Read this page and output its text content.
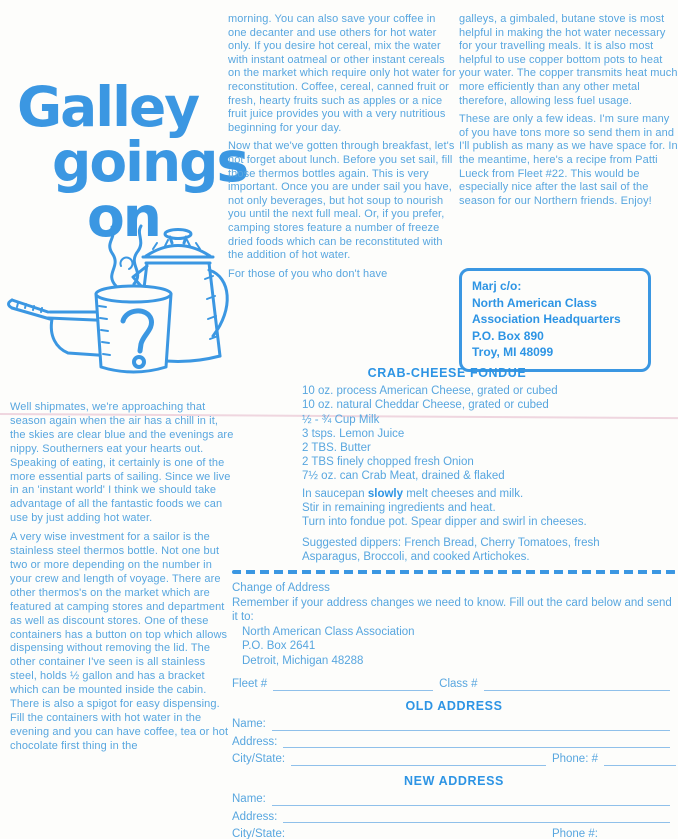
Galley
goings
on

Well shipmates, we're approaching that season again when the air has a chill in it, the skies are clear blue and the evenings are nippy. Southerners eat your hearts out. Speaking of eating, it certainly is one of the more essential parts of sailing. Since we live in an 'instant world' I think we should take advantage of all the fantastic foods we can use by just adding hot water.

A very wise investment for a sailor is the stainless steel thermos bottle. Not one but two or more depending on the number in your crew and length of voyage. There are other thermos's on the market which are featured at camping stores and department as well as discount stores. One of these containers has a button on top which allows dispensing without removing the lid. The other container I've seen is all stainless steel, holds ½ gallon and has a bracket which can be mounted inside the cabin. There is also a spigot for easy dispensing. Fill the containers with hot water in the evening and you can have coffee, tea or hot chocolate first thing in the

morning. You can also save your coffee in one decanter and use others for hot water only. If you desire hot cereal, mix the water with instant oatmeal or other instant cereals on the market which require only hot water for reconstitution. Coffee, cereal, canned fruit or fresh, hearty fruits such as apples or a nice fruit juice provides you with a very nutritious beginning for your day.

Now that we've gotten through breakfast, let's not forget about lunch. Before you set sail, fill those thermos bottles again. This is very important. Once you are under sail you have, not only beverages, but hot soup to nourish you until the next full meal. Or, if you prefer, camping stores feature a number of freeze dried foods which can be reconstituted with the addition of hot water.

For those of you who don't have

galleys, a gimbaled, butane stove is most helpful in making the hot water necessary for your travelling meals. It is also most helpful to use copper bottom pots to heat your water. The copper transmits heat much more efficiently than any other metal therefore, allowing less fuel usage.

These are only a few ideas. I'm sure many of you have tons more so send them in and I'll publish as many as we have space for. In the meantime, here's a recipe from Patti Lueck from Fleet #22. This would be especially nice after the last sail of the season for our Northern friends. Enjoy!

Marj c/o:
North American Class
Association Headquarters
P.O. Box 890
Troy, MI 48099
CRAB-CHEESE FONDUE
10 oz. process American Cheese, grated or cubed
10 oz. natural Cheddar Cheese, grated or cubed
½ - ¾ Cup Milk
3 tsps. Lemon Juice
2 TBS. Butter
2 TBS finely chopped fresh Onion
7½ oz. can Crab Meat, drained & flaked
In saucepan slowly melt cheeses and milk.
Stir in remaining ingredients and heat.
Turn into fondue pot. Spear dipper and swirl in cheeses.
Suggested dippers: French Bread, Cherry Tomatoes, fresh Asparagus, Broccoli, and cooked Artichokes.
Change of Address
Remember if your address changes we need to know. Fill out the card below and send it to:
North American Class Association
P.O. Box 2641
Detroit, Michigan 48288
Fleet #	Class #
OLD ADDRESS
Name:
Address:
City/State:	Phone: #
NEW ADDRESS
Name:
Address:
City/State:	Phone #:
